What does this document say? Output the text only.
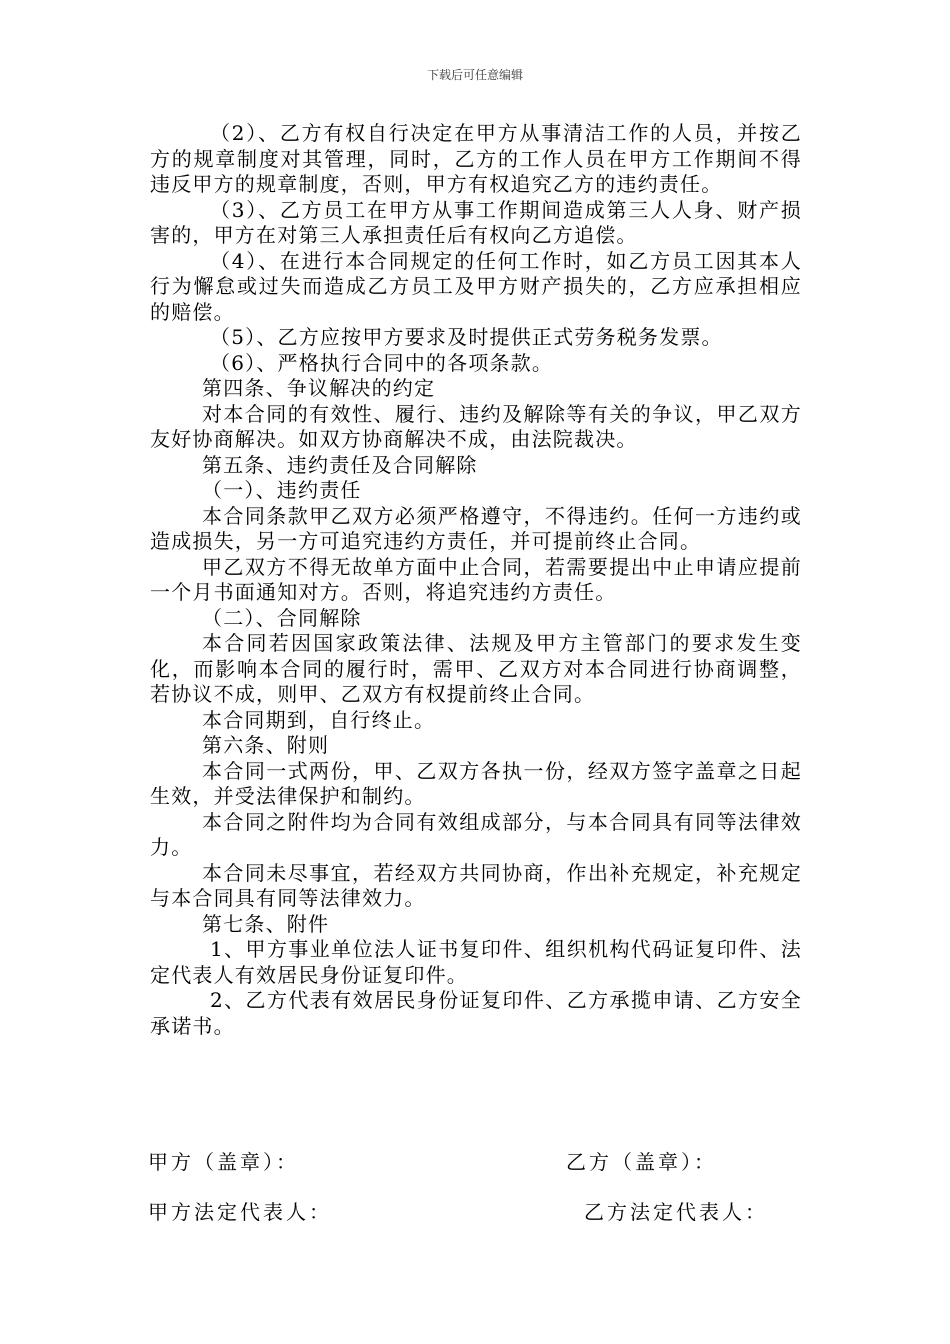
下载后可任意编辑

（2）、乙方有权自行决定在甲方从事清洁工作的人员，并按乙方的规章制度对其管理，同时，乙方的工作人员在甲方工作期间不得违反甲方的规章制度，否则，甲方有权追究乙方的违约责任。

（3）、乙方员工在甲方从事工作期间造成第三人人身、财产损害的，甲方在对第三人承担责任后有权向乙方追偿。

（4）、在进行本合同规定的任何工作时，如乙方员工因其本人行为懈怠或过失而造成乙方员工及甲方财产损失的，乙方应承担相应的赔偿。

（5）、乙方应按甲方要求及时提供正式劳务税务发票。

（6）、严格执行合同中的各项条款。

第四条、争议解决的约定

对本合同的有效性、履行、违约及解除等有关的争议，甲乙双方友好协商解决。如双方协商解决不成，由法院裁决。

第五条、违约责任及合同解除

（一）、违约责任

本合同条款甲乙双方必须严格遵守，不得违约。任何一方违约或造成损失，另一方可追究违约方责任，并可提前终止合同。

甲乙双方不得无故单方面中止合同，若需要提出中止申请应提前一个月书面通知对方。否则，将追究违约方责任。

（二）、合同解除

本合同若因国家政策法律、法规及甲方主管部门的要求发生变化，而影响本合同的履行时，需甲、乙双方对本合同进行协商调整，若协议不成，则甲、乙双方有权提前终止合同。

本合同期到，自行终止。

第六条、附则

本合同一式两份，甲、乙双方各执一份，经双方签字盖章之日起生效，并受法律保护和制约。

本合同之附件均为合同有效组成部分，与本合同具有同等法律效力。

本合同未尽事宜，若经双方共同协商，作出补充规定，补充规定与本合同具有同等法律效力。

第七条、附件

1、甲方事业单位法人证书复印件、组织机构代码证复印件、法定代表人有效居民身份证复印件。

2、乙方代表有效居民身份证复印件、乙方承揽申请、乙方安全承诺书。

甲方（盖章）：	乙方（盖章）：
甲方法定代表人：	乙方法定代表人：
